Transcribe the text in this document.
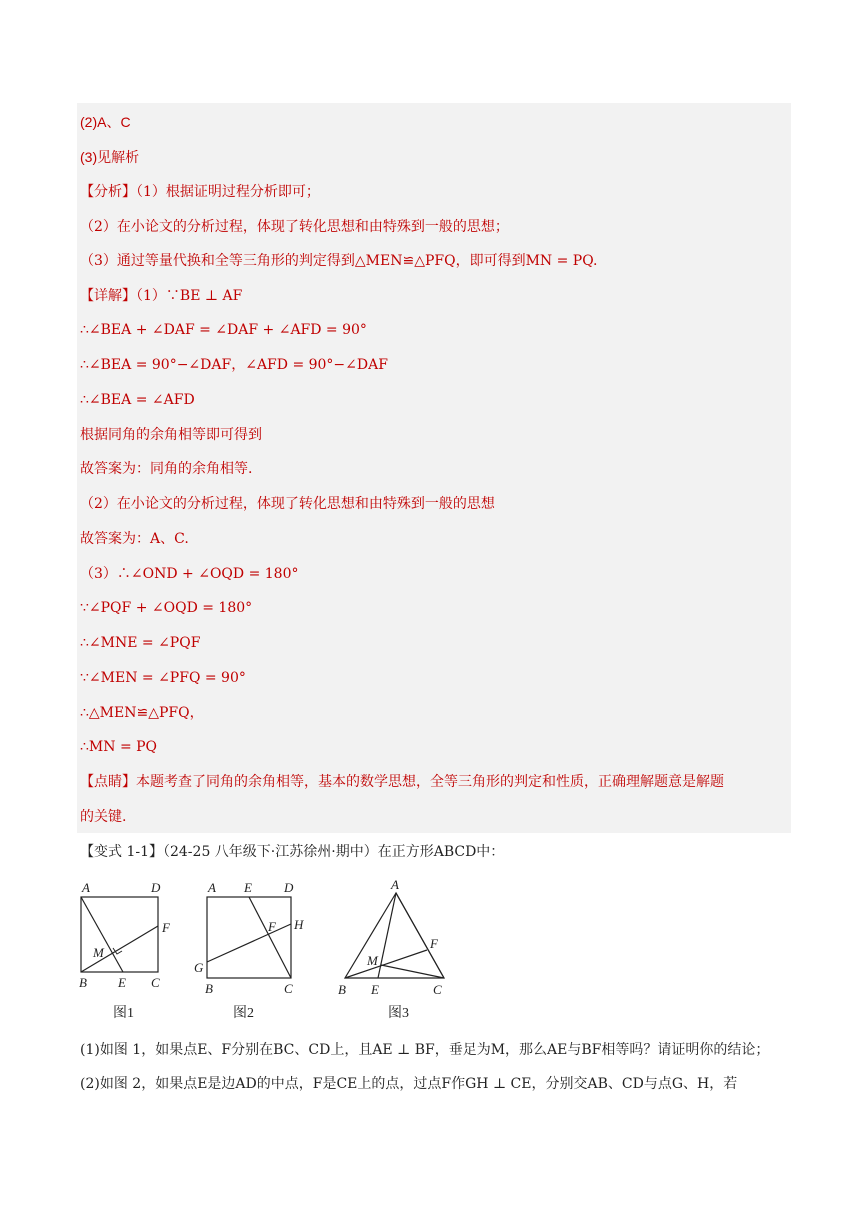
(2)A、C
(3)见解析
【分析】（1）根据证明过程分析即可；
（2）在小论文的分析过程，体现了转化思想和由特殊到一般的思想；
（3）通过等量代换和全等三角形的判定得到△MEN≌△PFQ，即可得到MN = PQ.
【详解】（1）∵BE ⊥ AF
∴∠BEA + ∠DAF = ∠DAF + ∠AFD = 90°
∴∠BEA = 90°−∠DAF，∠AFD = 90°−∠DAF
∴∠BEA = ∠AFD
根据同角的余角相等即可得到
故答案为：同角的余角相等.
（2）在小论文的分析过程，体现了转化思想和由特殊到一般的思想
故答案为：A、C.
（3）∴∠OND + ∠OQD = 180°
∵∠PQF + ∠OQD = 180°
∴∠MNE = ∠PQF
∵∠MEN = ∠PFQ = 90°
∴△MEN≌△PFQ，
∴MN = PQ
【点睛】本题考查了同角的余角相等，基本的数学思想，全等三角形的判定和性质，正确理解题意是解题
的关键.
【变式 1-1】（24-25 八年级下·江苏徐州·期中）在正方形ABCD中：
A	D
F
M
B E C
图1
A E D
F H
G
B	C
图2
A
F
M
B E	C
图3
(1)如图 1，如果点E、F分别在BC、CD上，且AE ⊥ BF，垂足为M，那么AE与BF相等吗？请证明你的结论；
(2)如图 2，如果点E是边AD的中点，F是CE上的点，过点F作GH ⊥ CE，分别交AB、CD与点G、H，若
